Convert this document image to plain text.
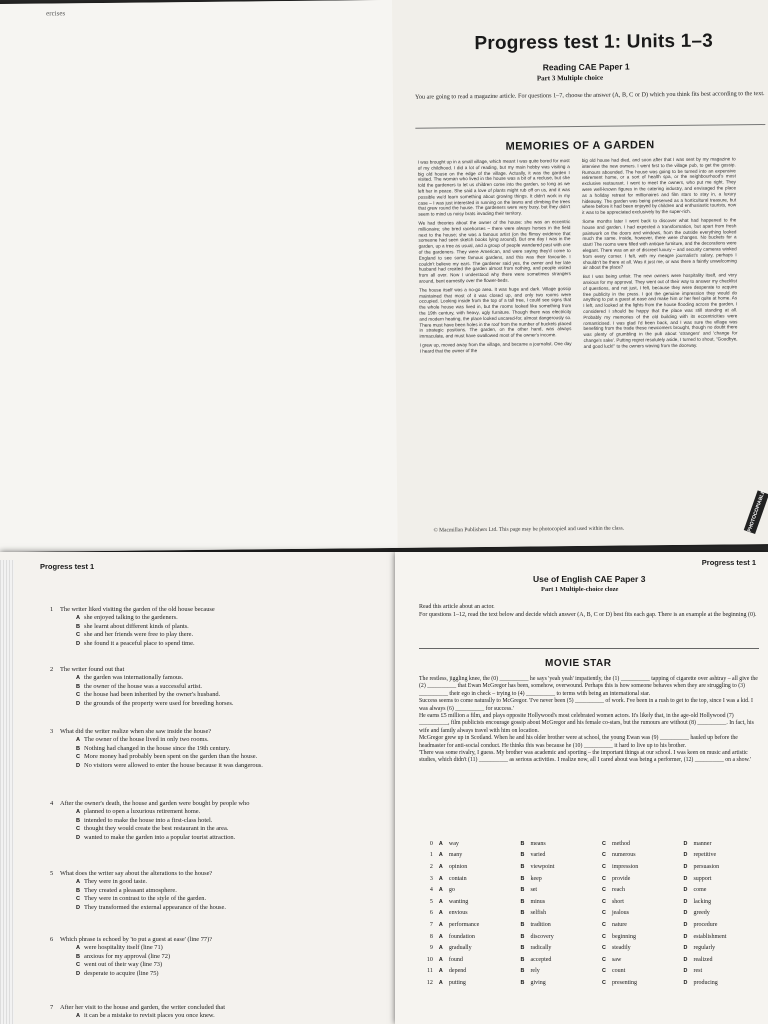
ercises
Progress test 1: Units 1–3
Reading CAE Paper 1
Part 3 Multiple choice
You are going to read a magazine article. For questions 1–7, choose the answer (A, B, C or D) which you think fits best according to the text.
MEMORIES OF A GARDEN

I was brought up in a small village, which meant I was quite bored for most of my childhood. I did a lot of reading, but my main hobby was visiting a big old house on the edge of the village. Actually, it was the garden I visited. The woman who lived in the house was a bit of a recluse, but she told the gardeners to let us children come into the garden, so long as we left her in peace. She said a love of plants might rub off on us, and it was possible we'd learn something about growing things. It didn't work in my case – I was just interested in running on the lawns and climbing the trees that grew round the house. The gardeners were very busy, but they didn't seem to mind us noisy brats invading their territory.

We had theories about the owner of the house: she was an eccentric millionaire; she bred racehorses – there were always horses in the field next to the house; she was a famous artist (on the flimsy evidence that someone had seen sketch books lying around). But one day I was in the garden, up a tree as usual, and a group of people wandered past with one of the gardeners. They were American, and were saying they'd come to England to see some famous gardens, and this was their favourite. I couldn't believe my ears. The gardener said yes, the owner and her late husband had created the garden almost from nothing, and people visited from all over. Now I understood why there were sometimes strangers around, bent earnestly over the flower-beds.

The house itself was a no-go area. It was huge and dark. Village gossip maintained that most of it was closed up, and only two rooms were occupied. Looking inside from the top of a tall tree, I could see signs that the whole house was lived in, but the rooms looked like something from the 19th century, with heavy, ugly furniture. Though there was electricity and modern heating, the place looked uncared-for, almost dangerously so. There must have been holes in the roof from the number of buckets placed in strategic positions. The garden, on the other hand, was always immaculate, and must have swallowed most of the owner's income.

I grew up, moved away from the village, and became a journalist. One day I heard that the owner of the

big old house had died, and soon after that I was sent by my magazine to interview the new owners. I went first to the village pub, to get the gossip. Rumours abounded. The house was going to be turned into an expensive retirement home, or a sort of health spa, or the neighbourhood's most exclusive restaurant. I went to meet the owners, who put me right. They were well-known figures in the catering industry, and envisaged the place as a holiday retreat for millionaires and film stars to stay in, a luxury hideaway. The garden was being preserved as a horticultural treasure, but where before it had been enjoyed by children and enthusiastic tourists, now it was to be appreciated exclusively by the super-rich.

Some months later I went back to discover what had happened to the house and garden. I had expected a transformation, but apart from fresh paintwork on the doors and windows, from the outside everything looked much the same. Inside, however, there were changes. No buckets for a start! The rooms were filled with antique furniture, and the decorations were elegant. There was an air of discreet luxury – and security cameras winked from every corner. I felt, with my meagre journalist's salary, perhaps I shouldn't be there at all. Was it just me, or was there a faintly unwelcoming air about the place?

But I was being unfair. The new owners were hospitality itself, and very anxious for my approval. They went out of their way to answer my checklist of questions, and not just, I felt, because they were desperate to acquire free publicity in the press. I got the genuine impression they would do anything to put a guest at ease and make him or her feel quite at home. As I left, and looked at the lights from the house flooding across the garden, I considered I should be happy that the place was still standing at all. Probably my memories of the old building with its eccentricities were romanticised. I was glad I'd been back, and I was sure the village was benefiting from the trade these newcomers brought, though no doubt there was plenty of grumbling in the pub about 'strangers' and 'change for change's sake'. Putting regret resolutely aside, I turned to shout, "Goodbye, and good luck!" to the owners waving from the doorway.

© Macmillan Publishers Ltd. This page may be photocopied and used within the class.	PHOTOCOPIABLE
Progress test 1

1 The writer liked visiting the garden of the old house because

A she enjoyed talking to the gardeners.

B she learnt about different kinds of plants.

C she and her friends were free to play there.

D she found it a peaceful place to spend time.

2 The writer found out that

A the garden was internationally famous.

B the owner of the house was a successful artist.

C the house had been inherited by the owner's husband.

D the grounds of the property were used for breeding horses.

3 What did the writer realize when she saw inside the house?

A The owner of the house lived in only two rooms.

B Nothing had changed in the house since the 19th century.

C More money had probably been spent on the garden than the house.

D No visitors were allowed to enter the house because it was dangerous.

4 After the owner's death, the house and garden were bought by people who

A planned to open a luxurious retirement home.

B intended to make the house into a first-class hotel.

C thought they would create the best restaurant in the area.

D wanted to make the garden into a popular tourist attraction.

5 What does the writer say about the alterations to the house?

A They were in good taste.

B They created a pleasant atmosphere.

C They were in contrast to the style of the garden.

D They transformed the external appearance of the house.

6 Which phrase is echoed by 'to put a guest at ease' (line 77)?

A were hospitality itself (line 71)

B anxious for my approval (line 72)

C went out of their way (line 73)

D desperate to acquire (line 75)

7 After her visit to the house and garden, the writer concluded that

A it can be a mistake to revisit places you once knew.

Progress test 1
Use of English CAE Paper 3
Part 1 Multiple-choice cloze
Read this article about an actor.
For questions 1–12, read the text below and decide which answer (A, B, C or D) best fits each gap. There is an example at the beginning (0).
MOVIE STAR

The restless, jiggling knee, the (0) __________ he says 'yeah yeah' impatiently, the (1) __________ tapping of cigarette over ashtray – all give the (2) __________ that Ewan McGregor has been, somehow, overwound. Perhaps this is how someone behaves when they are struggling to (3) __________ their ego in check – trying to (4) __________ to terms with being an international star.

Success seems to come naturally to McGregor. 'I've never been (5) __________ of work. I've been in a rush to get to the top, since I was a kid. I was always (6) __________ for success.'

He earns £5 million a film, and plays opposite Hollywood's most celebrated women actors. It's likely that, in the age-old Hollywood (7) __________, film publicists encourage gossip about McGregor and his female co-stars, but the rumours are without (8) __________. In fact, his wife and family always travel with him on location.

McGregor grew up in Scotland. When he and his older brother were at school, the young Ewan was (9) __________ hauled up before the headmaster for anti-social conduct. He thinks this was because he (10) __________ it hard to live up to his brother.

'There was some rivalry, I guess. My brother was academic and sporting – the important things at our school. I was keen on music and artistic studies, which didn't (11) __________ as serious activities. I realize now, all I cared about was being a performer, (12) __________ on a show.'

0	A	way	B	means	C	method	D	manner
1	A	many	B	varied	C	numerous	D	repetitive
2	A	opinion	B	viewpoint	C	impression	D	persuasion
3	A	contain	B	keep	C	provide	D	support
4	A	go	B	set	C	reach	D	come
5	A	wanting	B	minus	C	short	D	lacking
6	A	envious	B	selfish	C	jealous	D	greedy
7	A	performance	B	tradition	C	nature	D	procedure
8	A	foundation	B	discovery	C	beginning	D	establishment
9	A	gradually	B	radically	C	steadily	D	regularly
10	A	found	B	accepted	C	saw	D	realized
11	A	depend	B	rely	C	count	D	rest
12	A	putting	B	giving	C	presenting	D	producing
